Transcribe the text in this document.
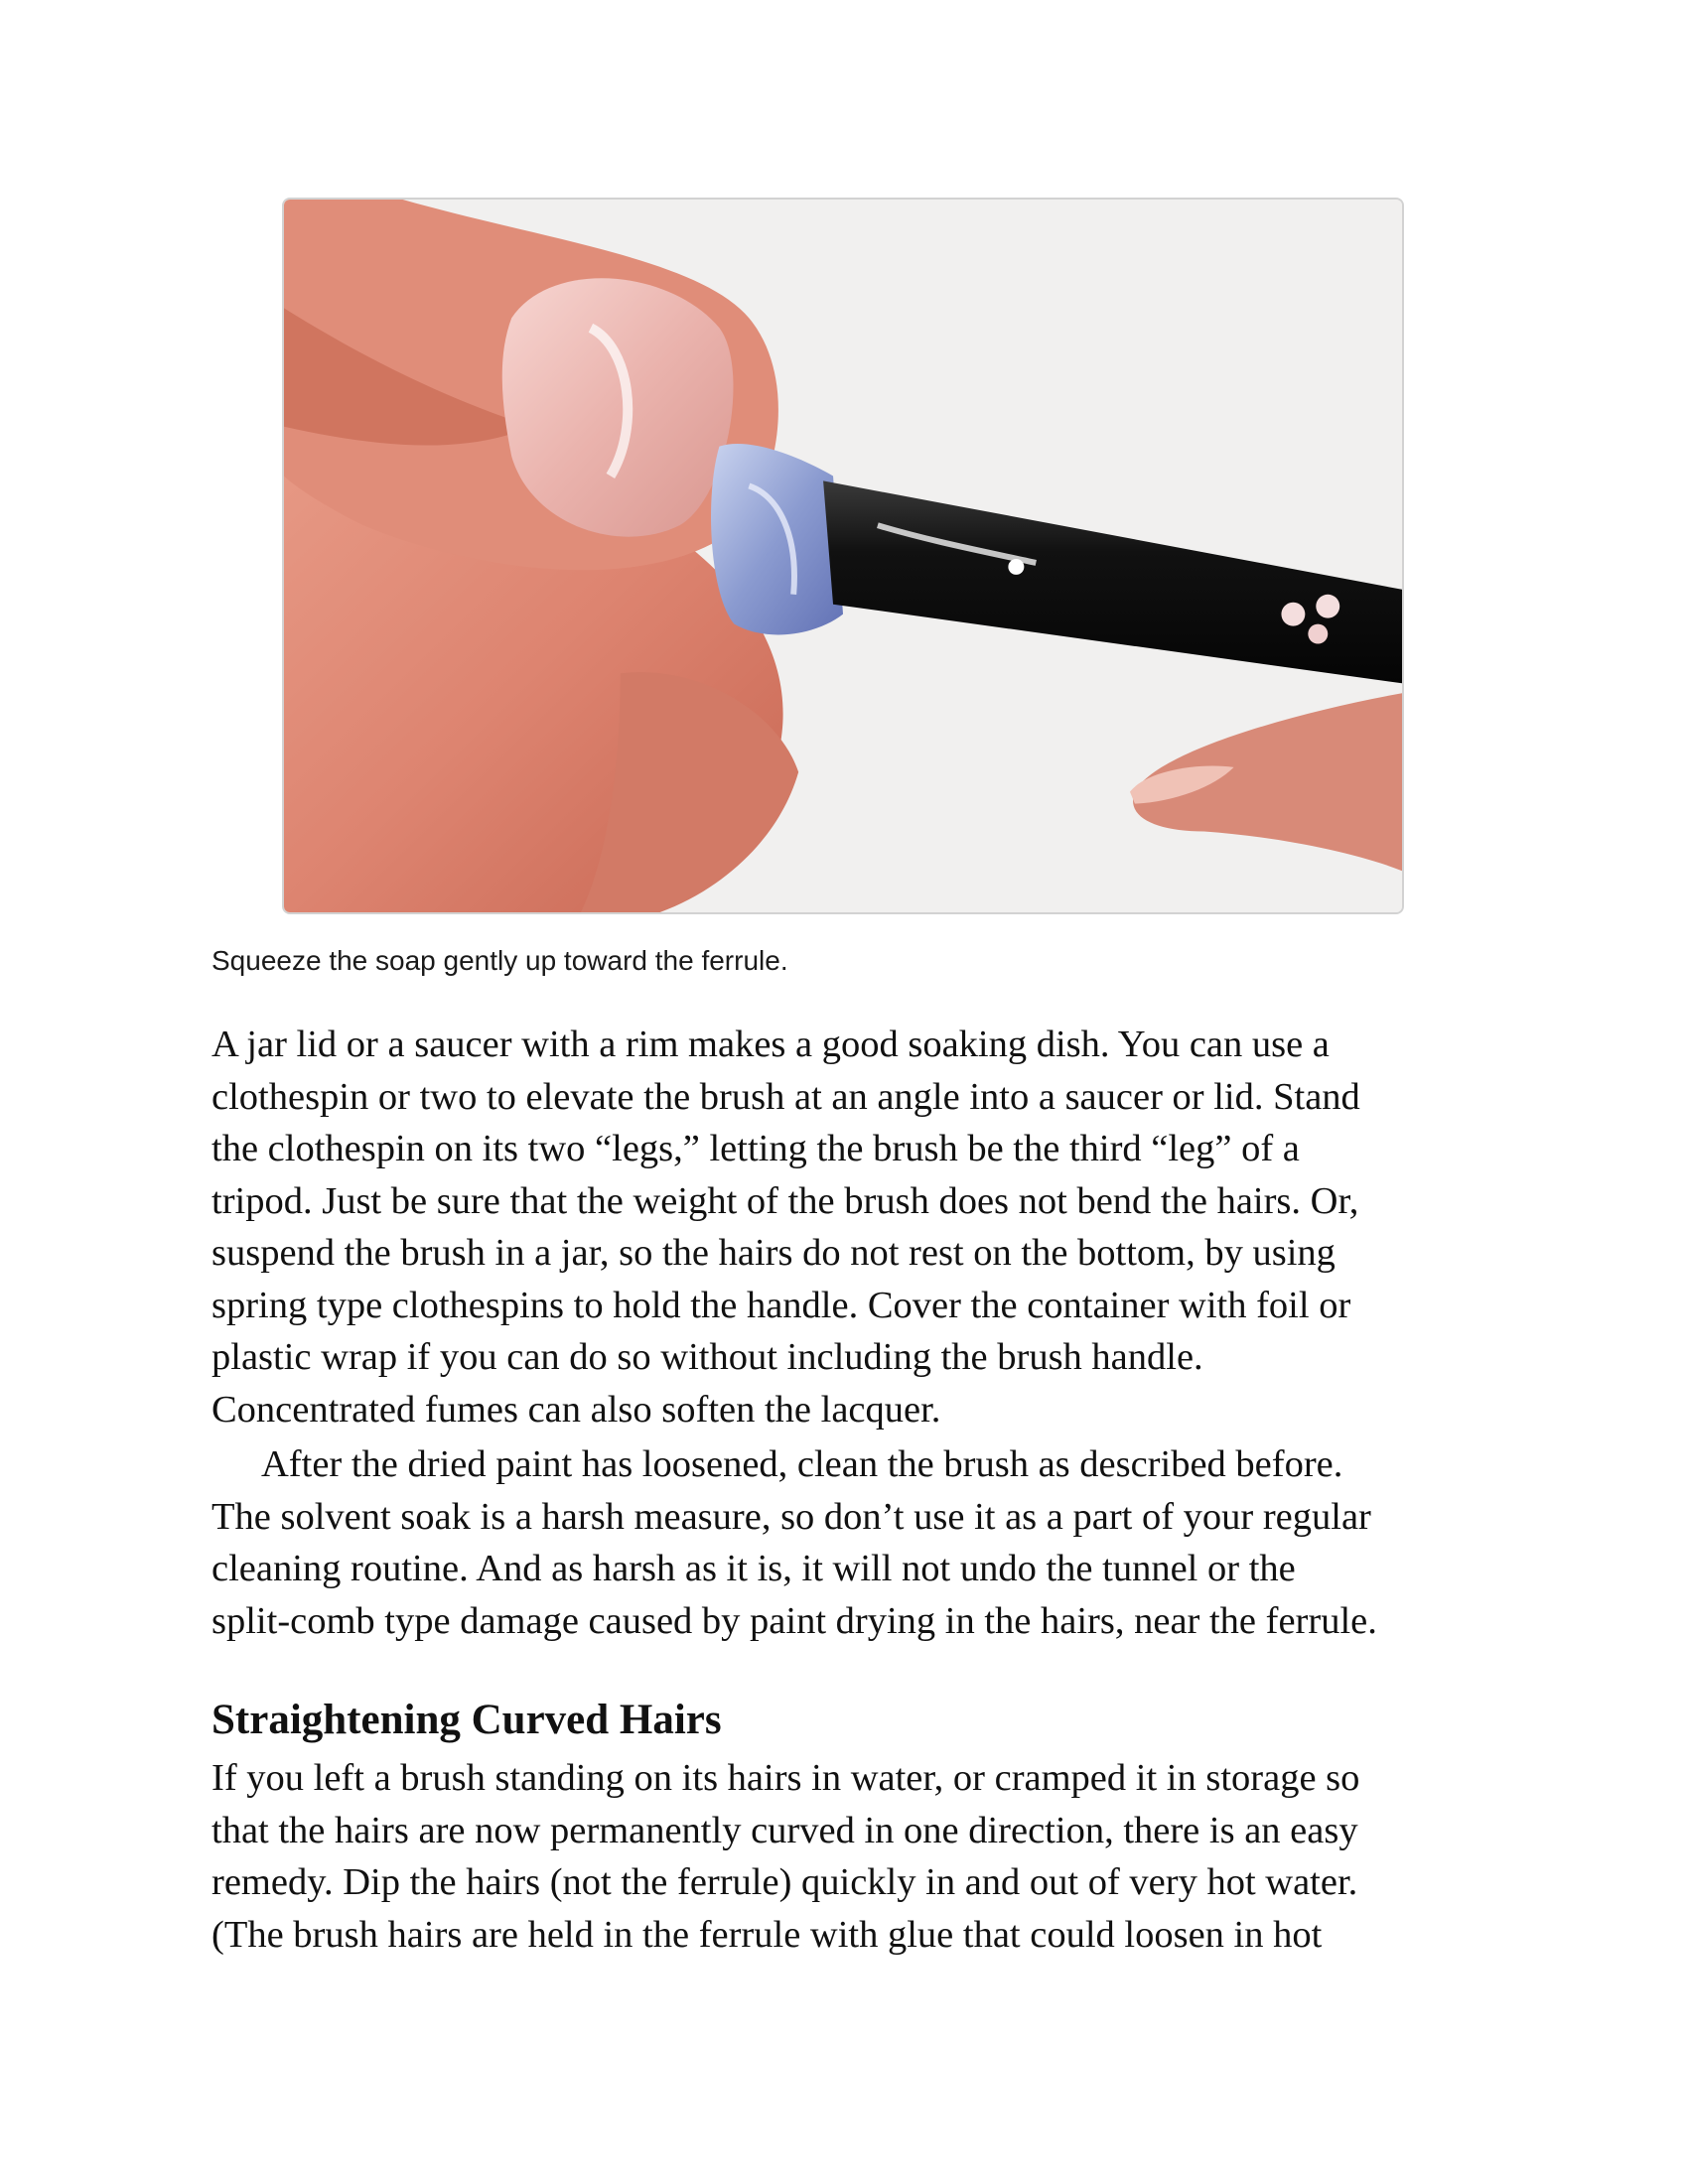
Squeeze the soap gently up toward the ferrule.

A jar lid or a saucer with a rim makes a good soaking dish. You can use a
clothespin or two to elevate the brush at an angle into a saucer or lid. Stand
the clothespin on its two “legs,” letting the brush be the third “leg” of a
tripod. Just be sure that the weight of the brush does not bend the hairs. Or,
suspend the brush in a jar, so the hairs do not rest on the bottom, by using
spring type clothespins to hold the handle. Cover the container with foil or
plastic wrap if you can do so without including the brush handle.
Concentrated fumes can also soften the lacquer.

After the dried paint has loosened, clean the brush as described before.
The solvent soak is a harsh measure, so don’t use it as a part of your regular
cleaning routine. And as harsh as it is, it will not undo the tunnel or the
split-comb type damage caused by paint drying in the hairs, near the ferrule.

Straightening Curved Hairs

If you left a brush standing on its hairs in water, or cramped it in storage so
that the hairs are now permanently curved in one direction, there is an easy
remedy. Dip the hairs (not the ferrule) quickly in and out of very hot water.
(The brush hairs are held in the ferrule with glue that could loosen in hot
